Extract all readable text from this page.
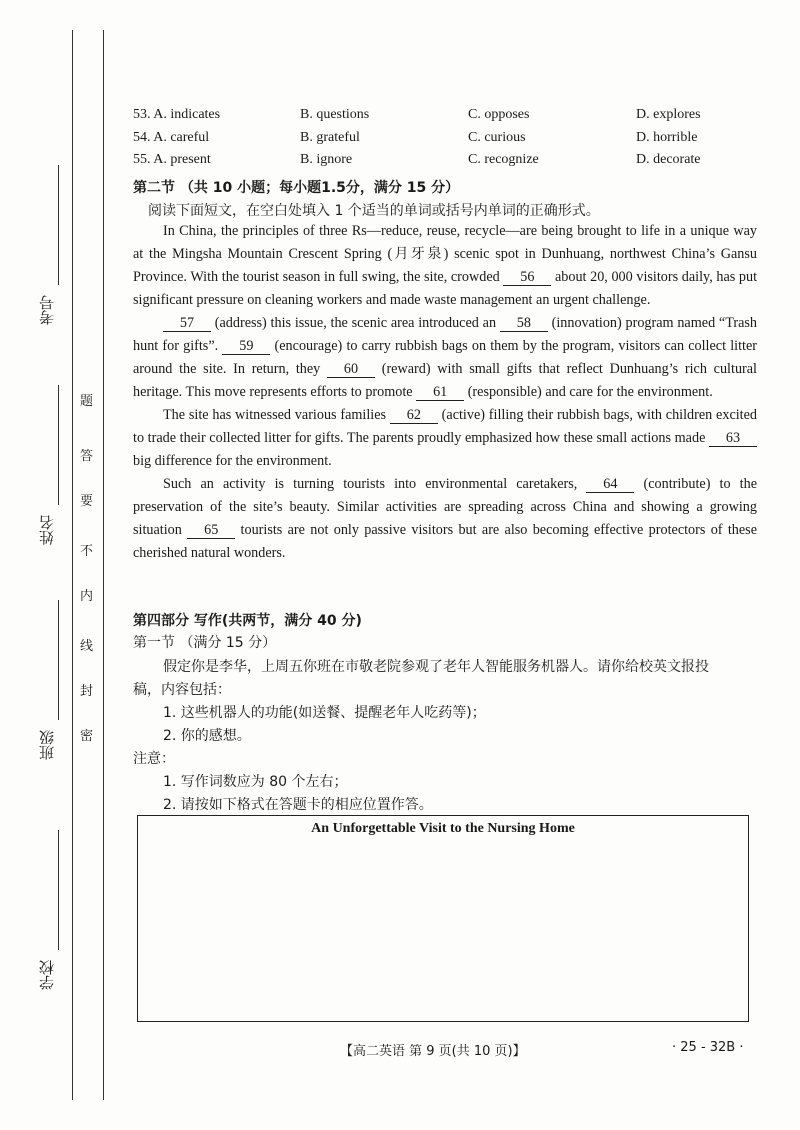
考号
姓名
班级
学校
题
答
要
不
内
线
封
密
53. A. indicates	B. questions	C. opposes	D. explores
54. A. careful	B. grateful	C. curious	D. horrible
55. A. present	B. ignore	C. recognize	D. decorate
第二节 （共 10 小题；每小题1.5分，满分 15 分）
阅读下面短文，在空白处填入 1 个适当的单词或括号内单词的正确形式。

In China, the principles of three Rs—reduce, reuse, recycle—are being brought to life in a unique way at the Mingsha Mountain Crescent Spring (月牙泉) scenic spot in Dunhuang, northwest China’s Gansu Province. With the tourist season in full swing, the site, crowded 56 about 20, 000 visitors daily, has put significant pressure on cleaning workers and made waste management an urgent challenge.

57 (address) this issue, the scenic area introduced an 58 (innovation) program named “Trash hunt for gifts”. 59 (encourage) to carry rubbish bags on them by the program, visitors can collect litter around the site. In return, they 60 (reward) with small gifts that reflect Dunhuang’s rich cultural heritage. This move represents efforts to promote 61 (responsible) and care for the environment.

The site has witnessed various families 62 (active) filling their rubbish bags, with children excited to trade their collected litter for gifts. The parents proudly emphasized how these small actions made 63 big difference for the environment.

Such an activity is turning tourists into environmental caretakers, 64 (contribute) to the preservation of the site’s beauty. Similar activities are spreading across China and showing a growing situation 65 tourists are not only passive visitors but are also becoming effective protectors of these cherished natural wonders.

第四部分 写作(共两节，满分 40 分)
第一节 （满分 15 分）
假定你是李华，上周五你班在市敬老院参观了老年人智能服务机器人。请你给校英文报投
稿，内容包括：
1. 这些机器人的功能(如送餐、提醒老年人吃药等)；
2. 你的感想。
注意：
1. 写作词数应为 80 个左右；
2. 请按如下格式在答题卡的相应位置作答。
An Unforgettable Visit to the Nursing Home
【高二英语 第 9 页(共 10 页)】	· 25 - 32B ·
